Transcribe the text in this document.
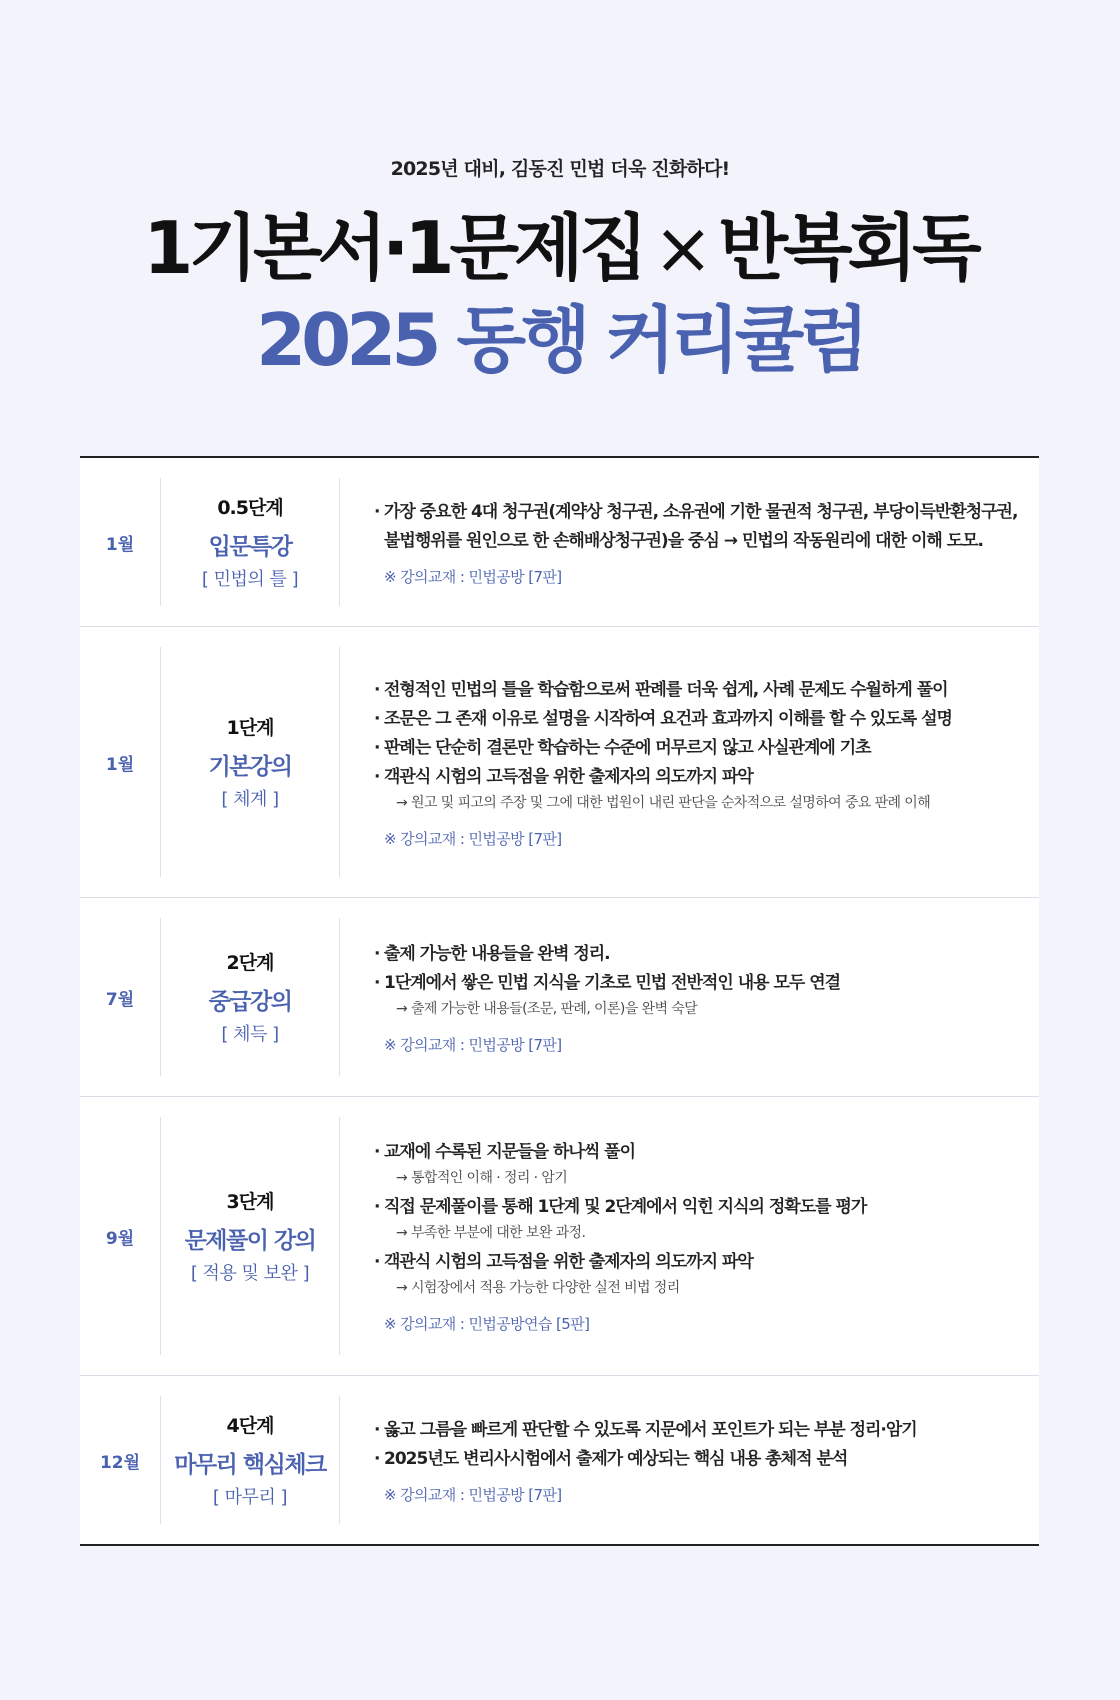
2025년 대비, 김동진 민법 더욱 진화하다!
1기본서·1문제집 × 반복회독
2025 동행 커리큘럼
1월
0.5단계
입문특강
[ 민법의 틀 ]
· 가장 중요한 4대 청구권(계약상 청구권, 소유권에 기한 물권적 청구권, 부당이득반환청구권, 불법행위를 원인으로 한 손해배상청구권)을 중심 → 민법의 작동원리에 대한 이해 도모.
※ 강의교재 : 민법공방 [7판]
1월
1단계
기본강의
[ 체계 ]
· 전형적인 민법의 틀을 학습함으로써 판례를 더욱 쉽게, 사례 문제도 수월하게 풀이
· 조문은 그 존재 이유로 설명을 시작하여 요건과 효과까지 이해를 할 수 있도록 설명
· 판례는 단순히 결론만 학습하는 수준에 머무르지 않고 사실관계에 기초
· 객관식 시험의 고득점을 위한 출제자의 의도까지 파악
→ 원고 및 피고의 주장 및 그에 대한 법원이 내린 판단을 순차적으로 설명하여 중요 판례 이해
※ 강의교재 : 민법공방 [7판]
7월
2단계
중급강의
[ 체득 ]
· 출제 가능한 내용들을 완벽 정리.
· 1단계에서 쌓은 민법 지식을 기초로 민법 전반적인 내용 모두 연결
→ 출제 가능한 내용들(조문, 판례, 이론)을 완벽 숙달
※ 강의교재 : 민법공방 [7판]
9월
3단계
문제풀이 강의
[ 적용 및 보완 ]
· 교재에 수록된 지문들을 하나씩 풀이
→ 통합적인 이해 · 정리 · 암기
· 직접 문제풀이를 통해 1단계 및 2단계에서 익힌 지식의 정확도를 평가
→ 부족한 부분에 대한 보완 과정.
· 객관식 시험의 고득점을 위한 출제자의 의도까지 파악
→ 시험장에서 적용 가능한 다양한 실전 비법 정리
※ 강의교재 : 민법공방연습 [5판]
12월
4단계
마무리 핵심체크
[ 마무리 ]
· 옳고 그름을 빠르게 판단할 수 있도록 지문에서 포인트가 되는 부분 정리·암기
· 2025년도 변리사시험에서 출제가 예상되는 핵심 내용 총체적 분석
※ 강의교재 : 민법공방 [7판]
